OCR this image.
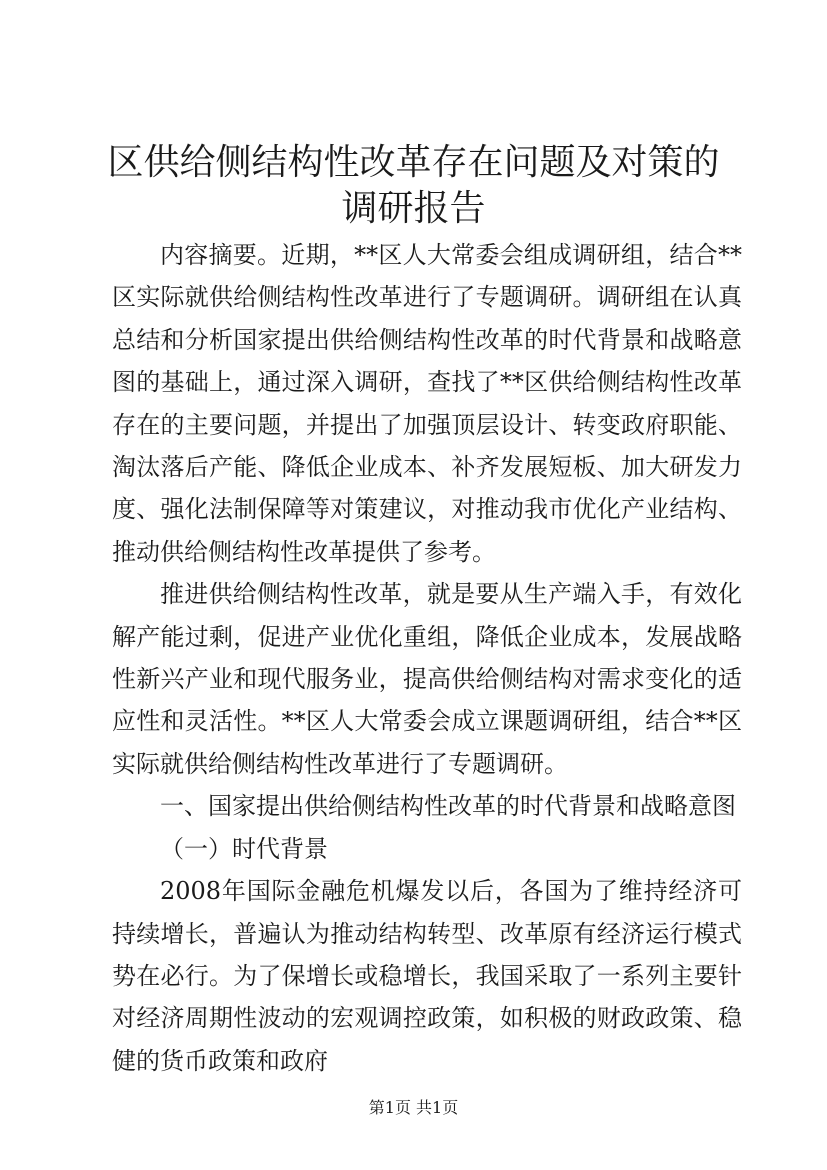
区供给侧结构性改革存在问题及对策的调研报告

内容摘要。近期，**区人大常委会组成调研组，结合**区实际就供给侧结构性改革进行了专题调研。调研组在认真总结和分析国家提出供给侧结构性改革的时代背景和战略意图的基础上，通过深入调研，查找了**区供给侧结构性改革存在的主要问题，并提出了加强顶层设计、转变政府职能、淘汰落后产能、降低企业成本、补齐发展短板、加大研发力度、强化法制保障等对策建议，对推动我市优化产业结构、推动供给侧结构性改革提供了参考。

推进供给侧结构性改革，就是要从生产端入手，有效化解产能过剩，促进产业优化重组，降低企业成本，发展战略性新兴产业和现代服务业，提高供给侧结构对需求变化的适应性和灵活性。**区人大常委会成立课题调研组，结合**区实际就供给侧结构性改革进行了专题调研。

一、国家提出供给侧结构性改革的时代背景和战略意图

（一）时代背景

2008年国际金融危机爆发以后，各国为了维持经济可持续增长，普遍认为推动结构转型、改革原有经济运行模式势在必行。为了保增长或稳增长，我国采取了一系列主要针对经济周期性波动的宏观调控政策，如积极的财政政策、稳健的货币政策和政府

第1页 共1页
